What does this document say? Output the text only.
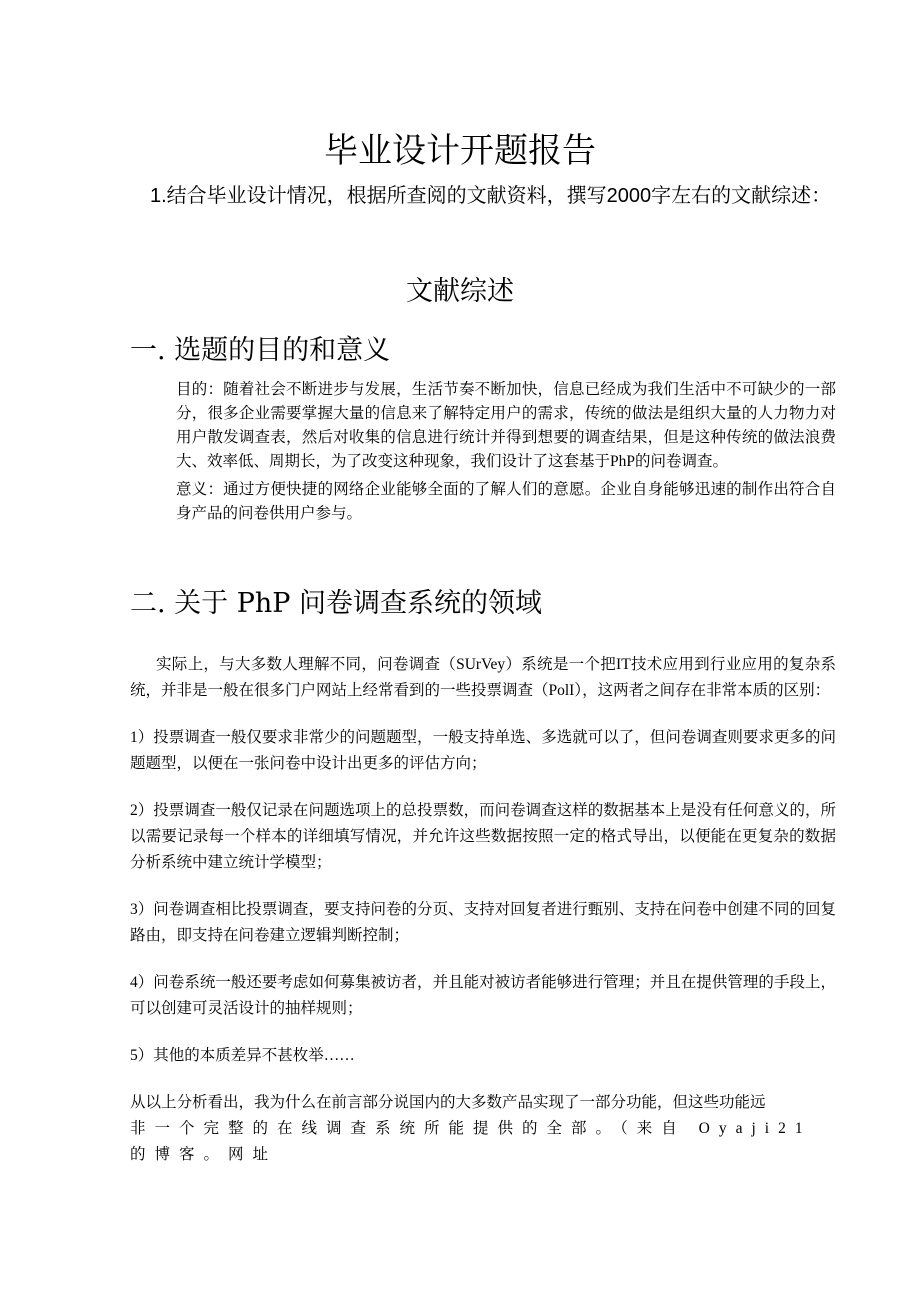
毕业设计开题报告
1.结合毕业设计情况，根据所查阅的文献资料，撰写2000字左右的文献综述：
文献综述
一. 选题的目的和意义

目的：随着社会不断进步与发展，生活节奏不断加快，信息已经成为我们生活中不可缺少的一部分，很多企业需要掌握大量的信息来了解特定用户的需求，传统的做法是组织大量的人力物力对用户散发调查表，然后对收集的信息进行统计并得到想要的调查结果，但是这种传统的做法浪费大、效率低、周期长，为了改变这种现象，我们设计了这套基于PhP的问卷调查。

意义：通过方便快捷的网络企业能够全面的了解人们的意愿。企业自身能够迅速的制作出符合自身产品的问卷供用户参与。

二. 关于 PhP 问卷调查系统的领域

实际上，与大多数人理解不同，问卷调查（SUrVey）系统是一个把IT技术应用到行业应用的复杂系统，并非是一般在很多门户网站上经常看到的一些投票调查（PolI），这两者之间存在非常本质的区别：

1）投票调查一般仅要求非常少的问题题型，一般支持单选、多选就可以了，但问卷调查则要求更多的问题题型，以便在一张问卷中设计出更多的评估方向；

2）投票调查一般仅记录在问题选项上的总投票数，而问卷调查这样的数据基本上是没有任何意义的，所以需要记录每一个样本的详细填写情况，并允许这些数据按照一定的格式导出，以便能在更复杂的数据分析系统中建立统计学模型；

3）问卷调查相比投票调查，要支持问卷的分页、支持对回复者进行甄别、支持在问卷中创建不同的回复路由，即支持在问卷建立逻辑判断控制；

4）问卷系统一般还要考虑如何募集被访者，并且能对被访者能够进行管理；并且在提供管理的手段上，可以创建可灵活设计的抽样规则；

5）其他的本质差异不甚枚举……

从以上分析看出，我为什么在前言部分说国内的大多数产品实现了一部分功能，但这些功能远

非一个完整的在线调查系统所能提供的全部。（来自 Oyaji21 的博客。网址
